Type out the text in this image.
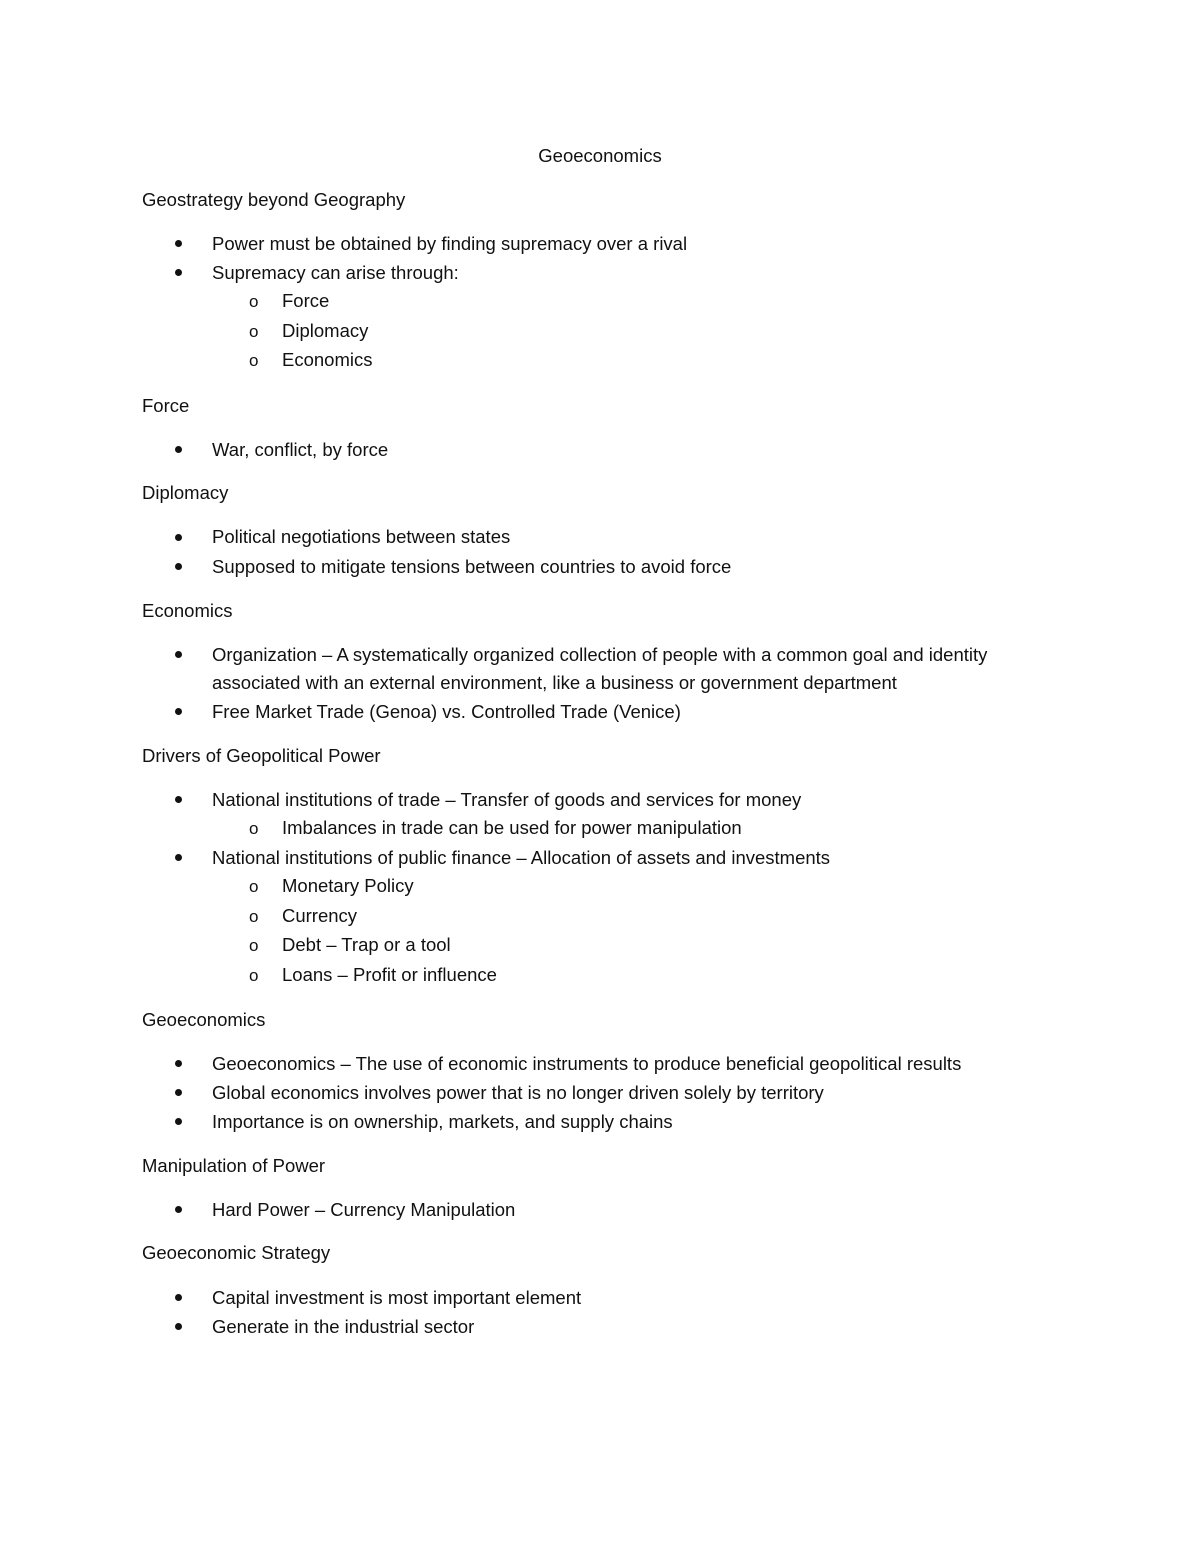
Geoeconomics
Geostrategy beyond Geography
Power must be obtained by finding supremacy over a rival
Supremacy can arise through:
o Force
o Diplomacy
o Economics
Force
War, conflict, by force
Diplomacy
Political negotiations between states
Supposed to mitigate tensions between countries to avoid force
Economics
Organization – A systematically organized collection of people with a common goal and identity
associated with an external environment, like a business or government department
Free Market Trade (Genoa) vs. Controlled Trade (Venice)
Drivers of Geopolitical Power
National institutions of trade – Transfer of goods and services for money
o Imbalances in trade can be used for power manipulation
National institutions of public finance – Allocation of assets and investments
o Monetary Policy
o Currency
o Debt – Trap or a tool
o Loans – Profit or influence
Geoeconomics
Geoeconomics – The use of economic instruments to produce beneficial geopolitical results
Global economics involves power that is no longer driven solely by territory
Importance is on ownership, markets, and supply chains
Manipulation of Power
Hard Power – Currency Manipulation
Geoeconomic Strategy
Capital investment is most important element
Generate in the industrial sector
